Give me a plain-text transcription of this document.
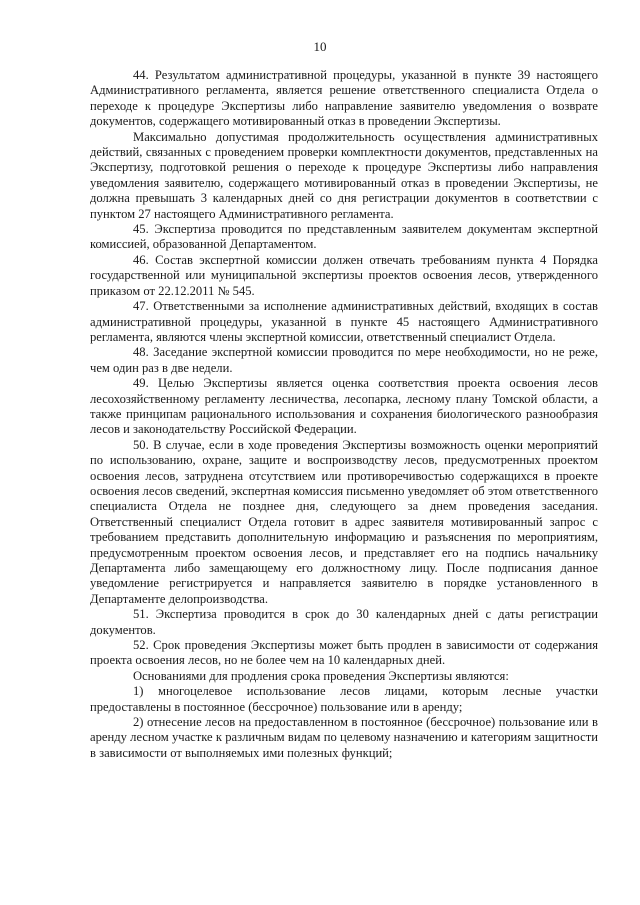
10

44. Результатом административной процедуры, указанной в пункте 39 настоящего Административного регламента, является решение ответственного специалиста Отдела о переходе к процедуре Экспертизы либо направление заявителю уведомления о возврате документов, содержащего мотивированный отказ в проведении Экспертизы.

Максимально допустимая продолжительность осуществления административных действий, связанных с проведением проверки комплектности документов, представленных на Экспертизу, подготовкой решения о переходе к процедуре Экспертизы либо направления уведомления заявителю, содержащего мотивированный отказ в проведении Экспертизы, не должна превышать 3 календарных дней со дня регистрации документов в соответствии с пунктом 27 настоящего Административного регламента.

45. Экспертиза проводится по представленным заявителем документам экспертной комиссией, образованной Департаментом.

46. Состав экспертной комиссии должен отвечать требованиям пункта 4 Порядка государственной или муниципальной экспертизы проектов освоения лесов, утвержденного приказом от 22.12.2011 № 545.

47. Ответственными за исполнение административных действий, входящих в состав административной процедуры, указанной в пункте 45 настоящего Административного регламента, являются члены экспертной комиссии, ответственный специалист Отдела.

48. Заседание экспертной комиссии проводится по мере необходимости, но не реже, чем один раз в две недели.

49. Целью Экспертизы является оценка соответствия проекта освоения лесов лесохозяйственному регламенту лесничества, лесопарка, лесному плану Томской области, а также принципам рационального использования и сохранения биологического разнообразия лесов и законодательству Российской Федерации.

50. В случае, если в ходе проведения Экспертизы возможность оценки мероприятий по использованию, охране, защите и воспроизводству лесов, предусмотренных проектом освоения лесов, затруднена отсутствием или противоречивостью содержащихся в проекте освоения лесов сведений, экспертная комиссия письменно уведомляет об этом ответственного специалиста Отдела не позднее дня, следующего за днем проведения заседания. Ответственный специалист Отдела готовит в адрес заявителя мотивированный запрос с требованием представить дополнительную информацию и разъяснения по мероприятиям, предусмотренным проектом освоения лесов, и представляет его на подпись начальнику Департамента либо замещающему его должностному лицу. После подписания данное уведомление регистрируется и направляется заявителю в порядке установленного в Департаменте делопроизводства.

51. Экспертиза проводится в срок до 30 календарных дней с даты регистрации документов.

52. Срок проведения Экспертизы может быть продлен в зависимости от содержания проекта освоения лесов, но не более чем на 10 календарных дней.

Основаниями для продления срока проведения Экспертизы являются:

1) многоцелевое использование лесов лицами, которым лесные участки предоставлены в постоянное (бессрочное) пользование или в аренду;

2) отнесение лесов на предоставленном в постоянное (бессрочное) пользование или в аренду лесном участке к различным видам по целевому назначению и категориям защитности в зависимости от выполняемых ими полезных функций;
